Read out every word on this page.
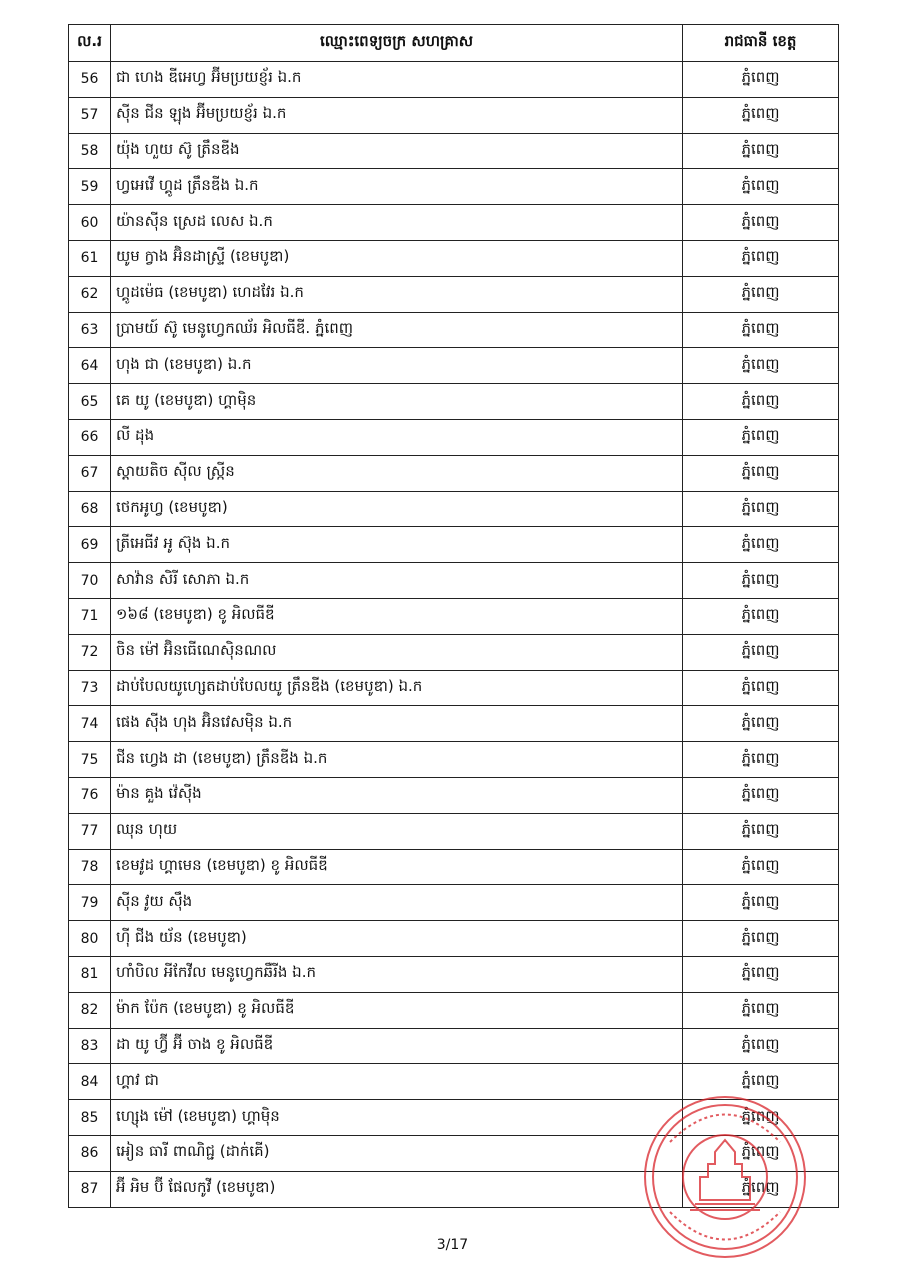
ល.រ	ឈ្មោះពេទ្យចក្រ សហគ្រាស	រាជធានី ខេត្ត
56	ជា ហេង ឌីអេហ្វ អ៊ីមប្រយខ្ញ័រ ឯ.ក	ភ្នំពេញ
57	ស៊ីន ជីន ឡុង អ៊ីមប្រយខ្ញ័រ ឯ.ក	ភ្នំពេញ
58	យ៉ុង ហួយ ស៊ូ ត្រឹនឌីង	ភ្នំពេញ
59	ហ្វអេវើ ហ្គូដ ត្រឹនឌីង ឯ.ក	ភ្នំពេញ
60	យ៉ានស៊ីន ស្រេដ លេស ឯ.ក	ភ្នំពេញ
61	យូម ក្វាង អ៊ិនដាស្ទ្រី (ខេមបូឌា)	ភ្នំពេញ
62	ហ្គូដម៉េធ (ខេមបូឌា) ហេដវែរ ឯ.ក	ភ្នំពេញ
63	ប្រាមយ៍ ស៊ូ មេនូហ្វេកឈ័រ អិលធីឌី. ភ្នំពេញ	ភ្នំពេញ
64	ហុង ជា (ខេមបូឌា) ឯ.ក	ភ្នំពេញ
65	គេ យូ (ខេមបូឌា) ហ្គាម៉ិន	ភ្នំពេញ
66	លី ដុង	ភ្នំពេញ
67	ស្តាយតិច ស៊ីល ស្ក្រីន	ភ្នំពេញ
68	ថេកអូហ្វ (ខេមបូឌា)	ភ្នំពេញ
69	ត្រីអេធីវ អូ ស៊ុង ឯ.ក	ភ្នំពេញ
70	សាវ៉ាន សិរី សោភា ឯ.ក	ភ្នំពេញ
71	១៦៨ (ខេមបូឌា) ខូ អិលធីឌី	ភ្នំពេញ
72	ចិន ម៉ៅ អ៊ិនធើណេស៊ិនណល	ភ្នំពេញ
73	ដាប់បែលយូហ្សេតដាប់បែលយូ ត្រឹនឌីង (ខេមបូឌា) ឯ.ក	ភ្នំពេញ
74	ផេង ស៊ីង ហុង អ៊ិនវេសម៉ិន ឯ.ក	ភ្នំពេញ
75	ជីន ហ្វេង ដា (ខេមបូឌា) ត្រឹនឌីង ឯ.ក	ភ្នំពេញ
76	ម៉ាន គួង វ៉េស៊ីង	ភ្នំពេញ
77	ឈុន ហុយ	ភ្នំពេញ
78	ខេមវូដ ហ្គាមេន (ខេមបូឌា) ខូ អិលធីឌី	ភ្នំពេញ
79	ស៊ីន វូយ ស៊ឹង	ភ្នំពេញ
80	ហ៊ី ជីង យ័ន (ខេមបូឌា)	ភ្នំពេញ
81	ហាំបិល អីកែវីល មេនូហ្វេកឆឺរីង ឯ.ក	ភ្នំពេញ
82	ម៉ាក ប៉ែក (ខេមបូឌា) ខូ អិលធីឌី	ភ្នំពេញ
83	ដា យូ ហ្វ៊ី អ៊ី ចាង ខូ អិលធីឌី	ភ្នំពេញ
84	ហ្គាវ ជា	ភ្នំពេញ
85	ហ្សេុង ម៉ៅ (ខេមបូឌា) ហ្គាម៉ិន	ភ្នំពេញ
86	អៀន ធារី ពាណិជ្ជ (ដាក់គើ)	ភ្នំពេញ
87	អ៊ី អិម ប៊ី ផែលកូវី (ខេមបូឌា)	ភ្នំពេញ
3/17
